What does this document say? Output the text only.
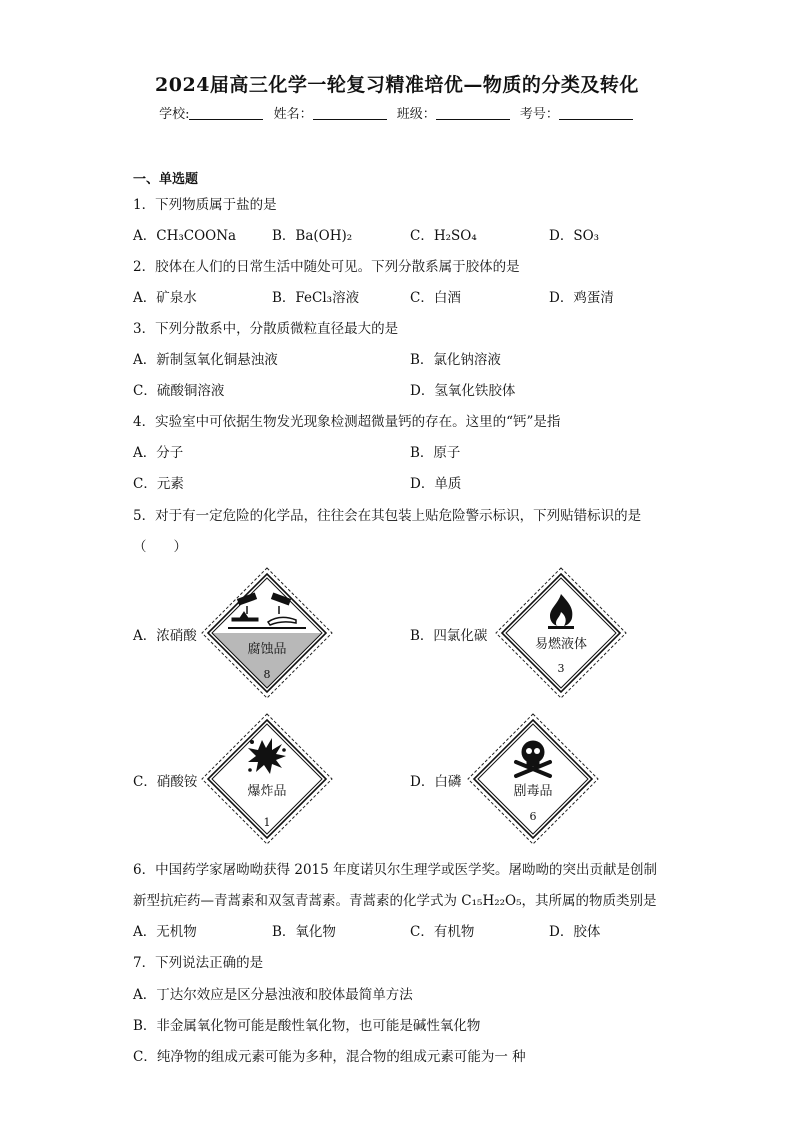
2024届高三化学一轮复习精准培优—物质的分类及转化
学校:	姓名：	班级：	考号：
一、单选题
1．下列物质属于盐的是
A．CH₃COONa	B．Ba(OH)₂	C．H₂SO₄	D．SO₃
2．胶体在人们的日常生活中随处可见。下列分散系属于胶体的是
A．矿泉水	B．FeCl₃溶液	C．白酒	D．鸡蛋清
3．下列分散系中，分散质微粒直径最大的是
A．新制氢氧化铜悬浊液	B．氯化钠溶液
C．硫酸铜溶液	D．氢氧化铁胶体
4．实验室中可依据生物发光现象检测超微量钙的存在。这里的“钙”是指
A．分子	B．原子
C．元素	D．单质
5．对于有一定危险的化学品，往往会在其包装上贴危险警示标识，下列贴错标识的是
（　　）
A．浓硝酸	B．四氯化碳
C．硝酸铵	D．白磷
腐蚀品
8
易燃液体
3
爆炸品
1
剧毒品
6
6．中国药学家屠呦呦获得 2015 年度诺贝尔生理学或医学奖。屠呦呦的突出贡献是创制
新型抗疟药—青蒿素和双氢青蒿素。青蒿素的化学式为 C₁₅H₂₂O₅，其所属的物质类别是
A．无机物	B．氧化物	C．有机物	D．胶体
7．下列说法正确的是
A．丁达尔效应是区分悬浊液和胶体最简单方法
B．非金属氧化物可能是酸性氧化物，也可能是碱性氧化物
C．纯净物的组成元素可能为多种，混合物的组成元素可能为一 种
